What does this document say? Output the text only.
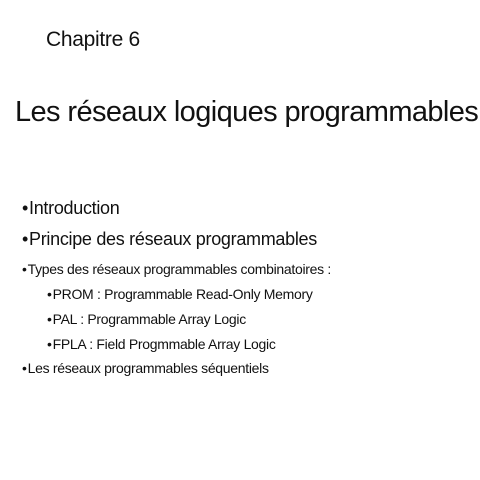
Chapitre 6
Les réseaux logiques programmables
•Introduction
•Principe des réseaux programmables
•Types des réseaux programmables combinatoires :
•PROM : Programmable Read-Only Memory
•PAL : Programmable Array Logic
•FPLA : Field Progmmable Array Logic
•Les réseaux programmables séquentiels
